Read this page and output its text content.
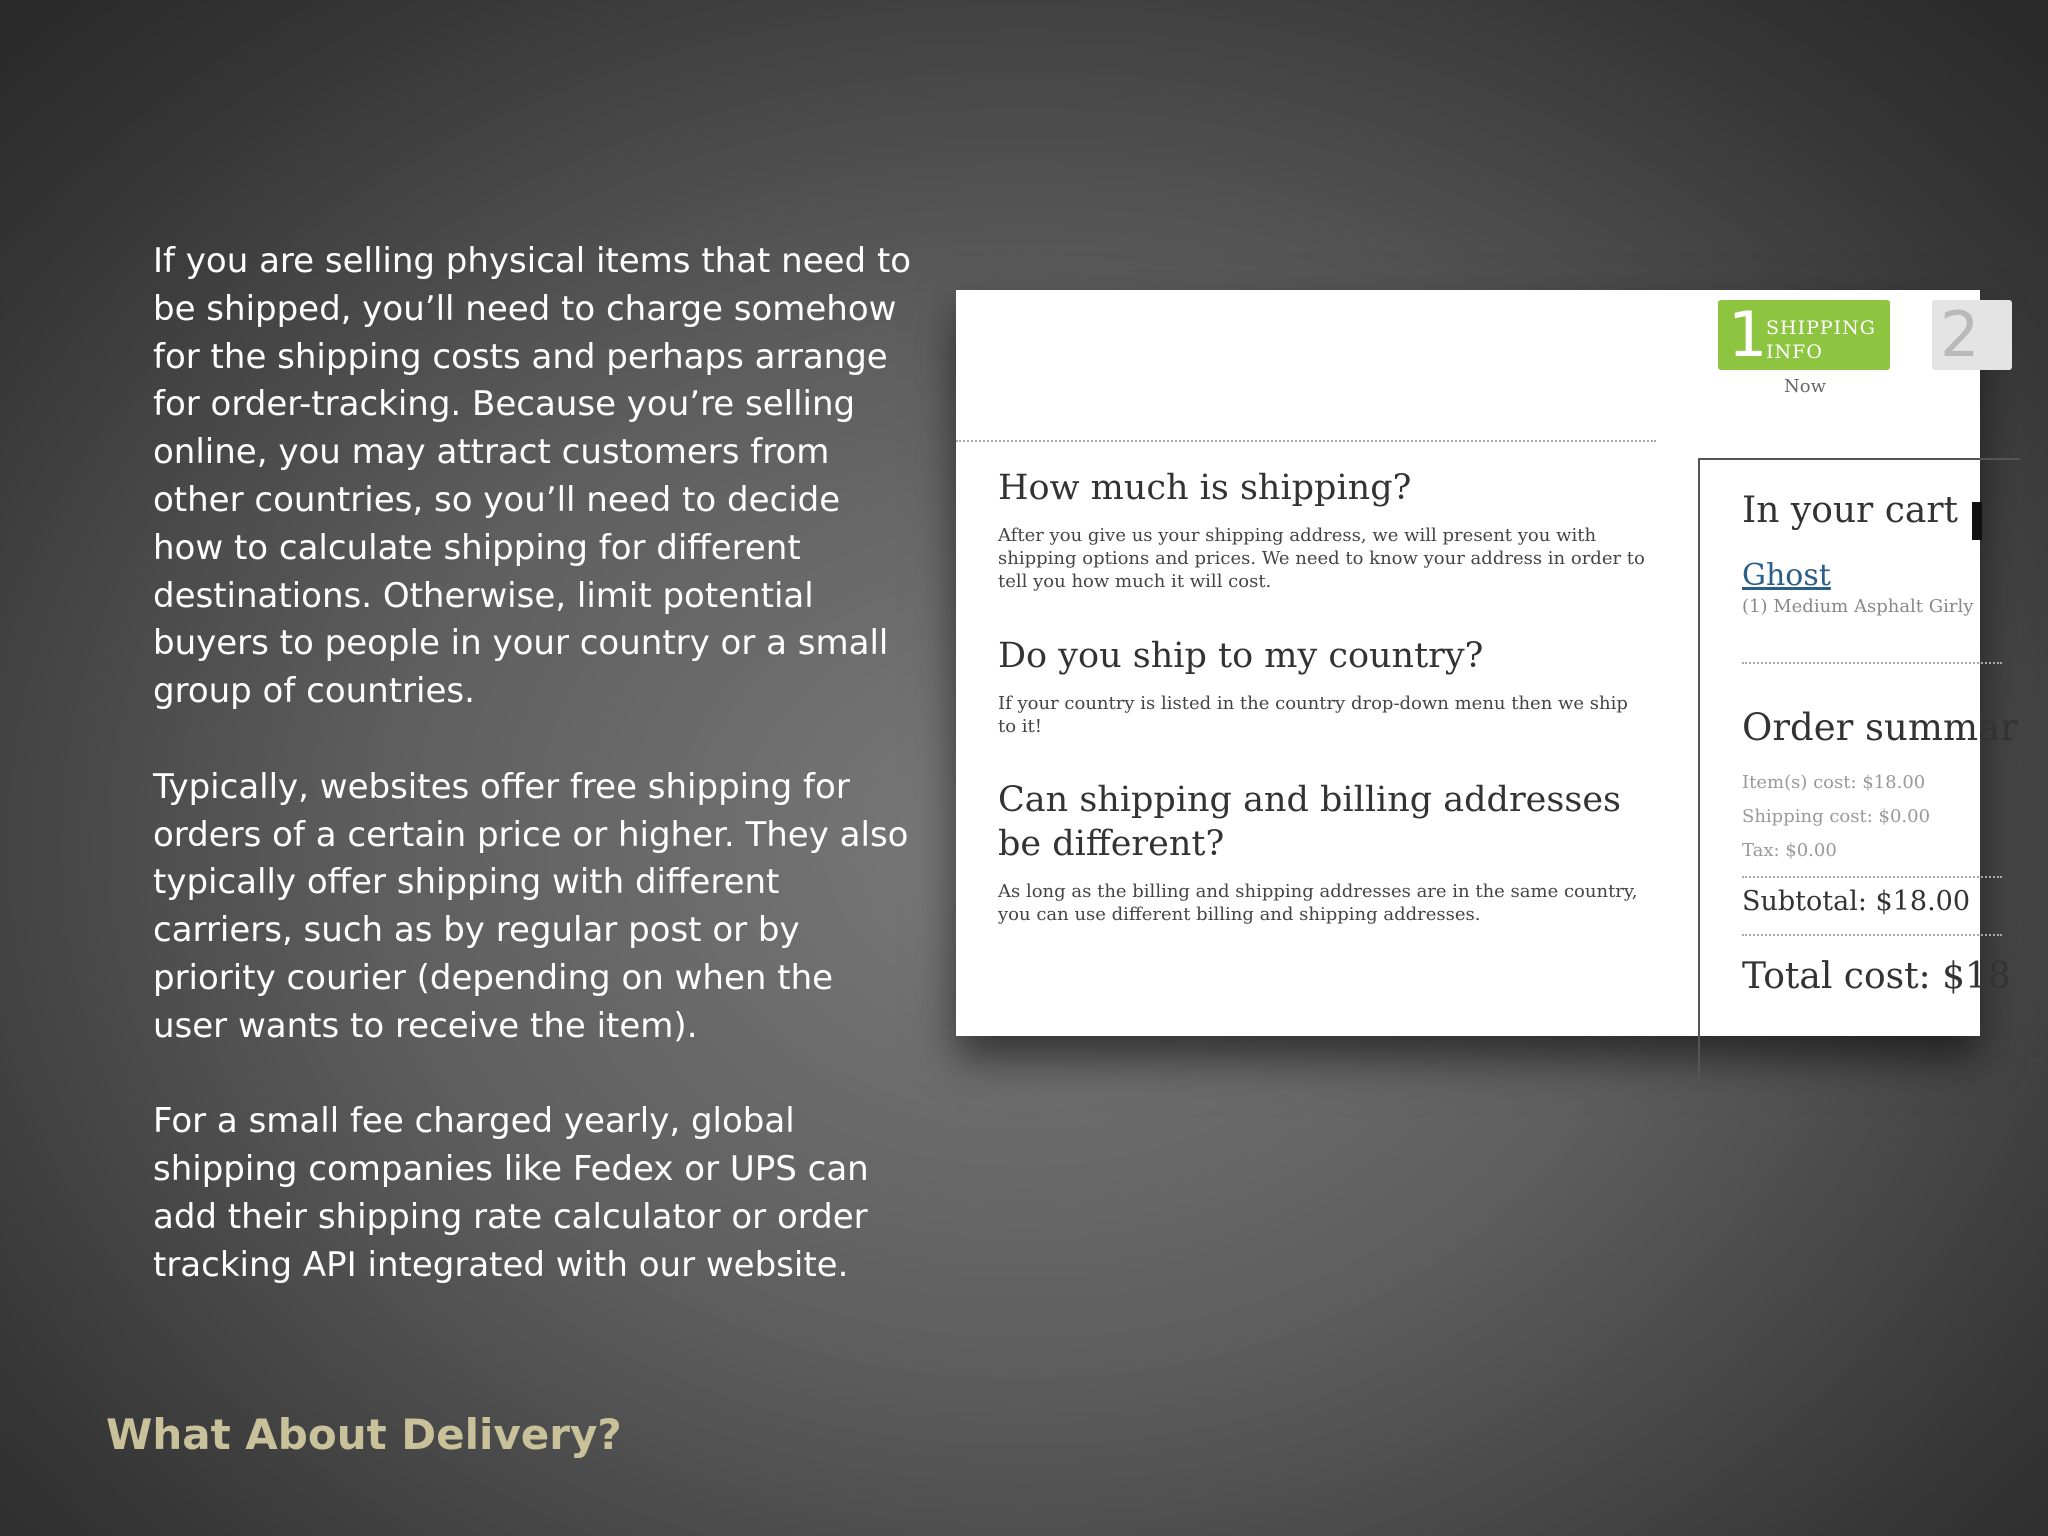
If you are selling physical items that need to be shipped, you’ll need to charge somehow for the shipping costs and perhaps arrange for order-tracking. Because you’re selling online, you may attract customers from other countries, so you’ll need to decide how to calculate shipping for different destinations. Otherwise, limit potential buyers to people in your country or a small group of countries.

Typically, websites offer free shipping for orders of a certain price or higher. They also typically offer shipping with different carriers, such as by regular post or by priority courier (depending on when the user wants to receive the item).

For a small fee charged yearly, global shipping companies like Fedex or UPS can add their shipping rate calculator or order tracking API integrated with our website.

1
SHIPPING
INFO
Now
2
How much is shipping?

After you give us your shipping address, we will present you with shipping options and prices. We need to know your address in order to tell you how much it will cost.

Do you ship to my country?

If your country is listed in the country drop-down menu then we ship to it!

Can shipping and billing addresses be different?

As long as the billing and shipping addresses are in the same country, you can use different billing and shipping addresses.

In your cart
Ghost
(1) Medium Asphalt Girly
Order summar
Item(s) cost: $18.00
Shipping cost: $0.00
Tax: $0.00
Subtotal: $18.00
Total cost: $18
What About Delivery?
